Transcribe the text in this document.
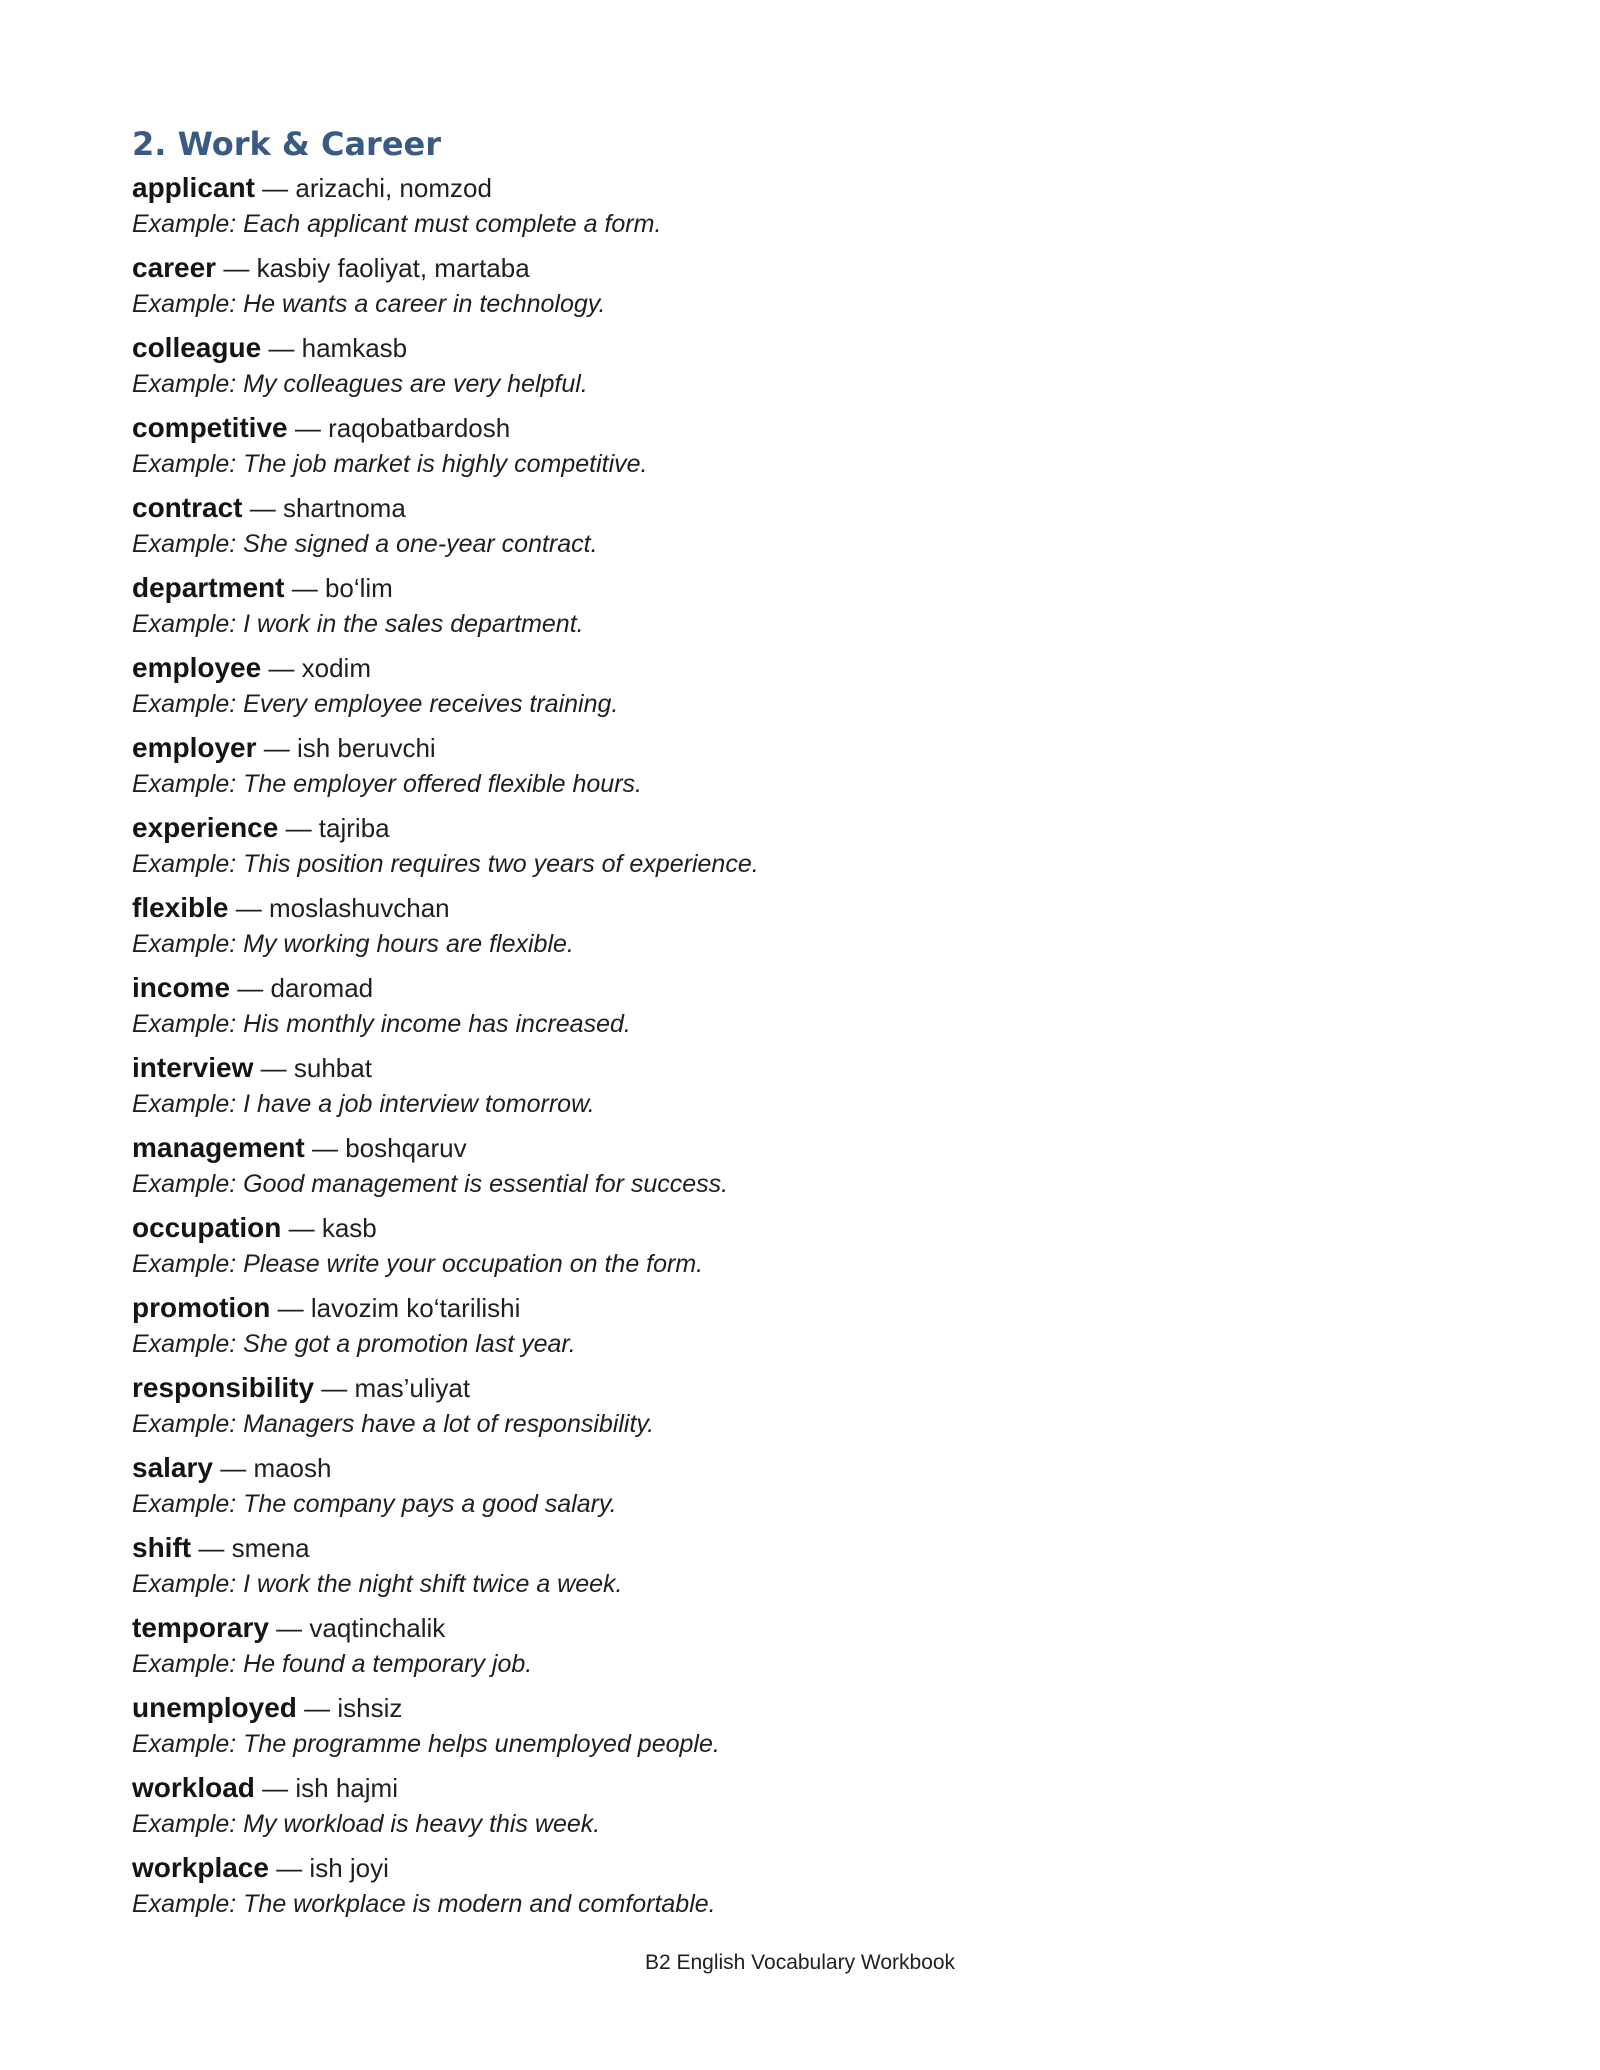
2. Work & Career
applicant — arizachi, nomzod
Example: Each applicant must complete a form.
career — kasbiy faoliyat, martaba
Example: He wants a career in technology.
colleague — hamkasb
Example: My colleagues are very helpful.
competitive — raqobatbardosh
Example: The job market is highly competitive.
contract — shartnoma
Example: She signed a one-year contract.
department — bo‘lim
Example: I work in the sales department.
employee — xodim
Example: Every employee receives training.
employer — ish beruvchi
Example: The employer offered flexible hours.
experience — tajriba
Example: This position requires two years of experience.
flexible — moslashuvchan
Example: My working hours are flexible.
income — daromad
Example: His monthly income has increased.
interview — suhbat
Example: I have a job interview tomorrow.
management — boshqaruv
Example: Good management is essential for success.
occupation — kasb
Example: Please write your occupation on the form.
promotion — lavozim ko‘tarilishi
Example: She got a promotion last year.
responsibility — mas’uliyat
Example: Managers have a lot of responsibility.
salary — maosh
Example: The company pays a good salary.
shift — smena
Example: I work the night shift twice a week.
temporary — vaqtinchalik
Example: He found a temporary job.
unemployed — ishsiz
Example: The programme helps unemployed people.
workload — ish hajmi
Example: My workload is heavy this week.
workplace — ish joyi
Example: The workplace is modern and comfortable.
B2 English Vocabulary Workbook
